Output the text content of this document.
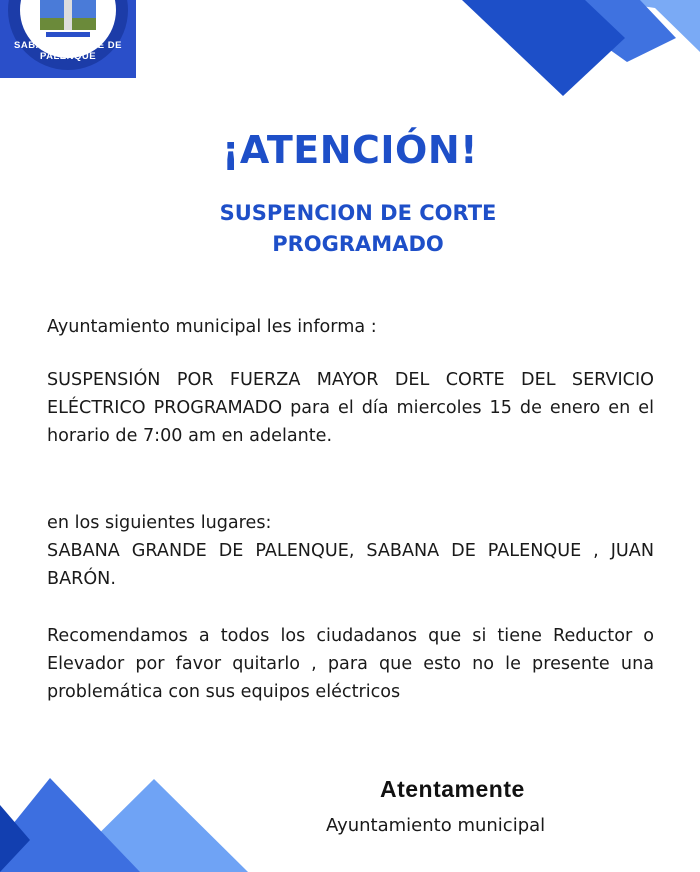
SABANA GRANDE DE PALENQUE
¡ATENCIÓN!
SUSPENCION DE CORTE
PROGRAMADO

Ayuntamiento municipal les informa :

SUSPENSIÓN POR FUERZA MAYOR DEL CORTE DEL SERVICIO ELÉCTRICO PROGRAMADO para el día miercoles 15 de enero en el horario de 7:00 am en adelante.

en los siguientes lugares:

SABANA GRANDE DE PALENQUE, SABANA DE PALENQUE , JUAN BARÓN.

Recomendamos a todos los ciudadanos que si tiene Reductor o Elevador por favor quitarlo , para que esto no le presente una problemática con sus equipos eléctricos

Atentamente
Ayuntamiento municipal
